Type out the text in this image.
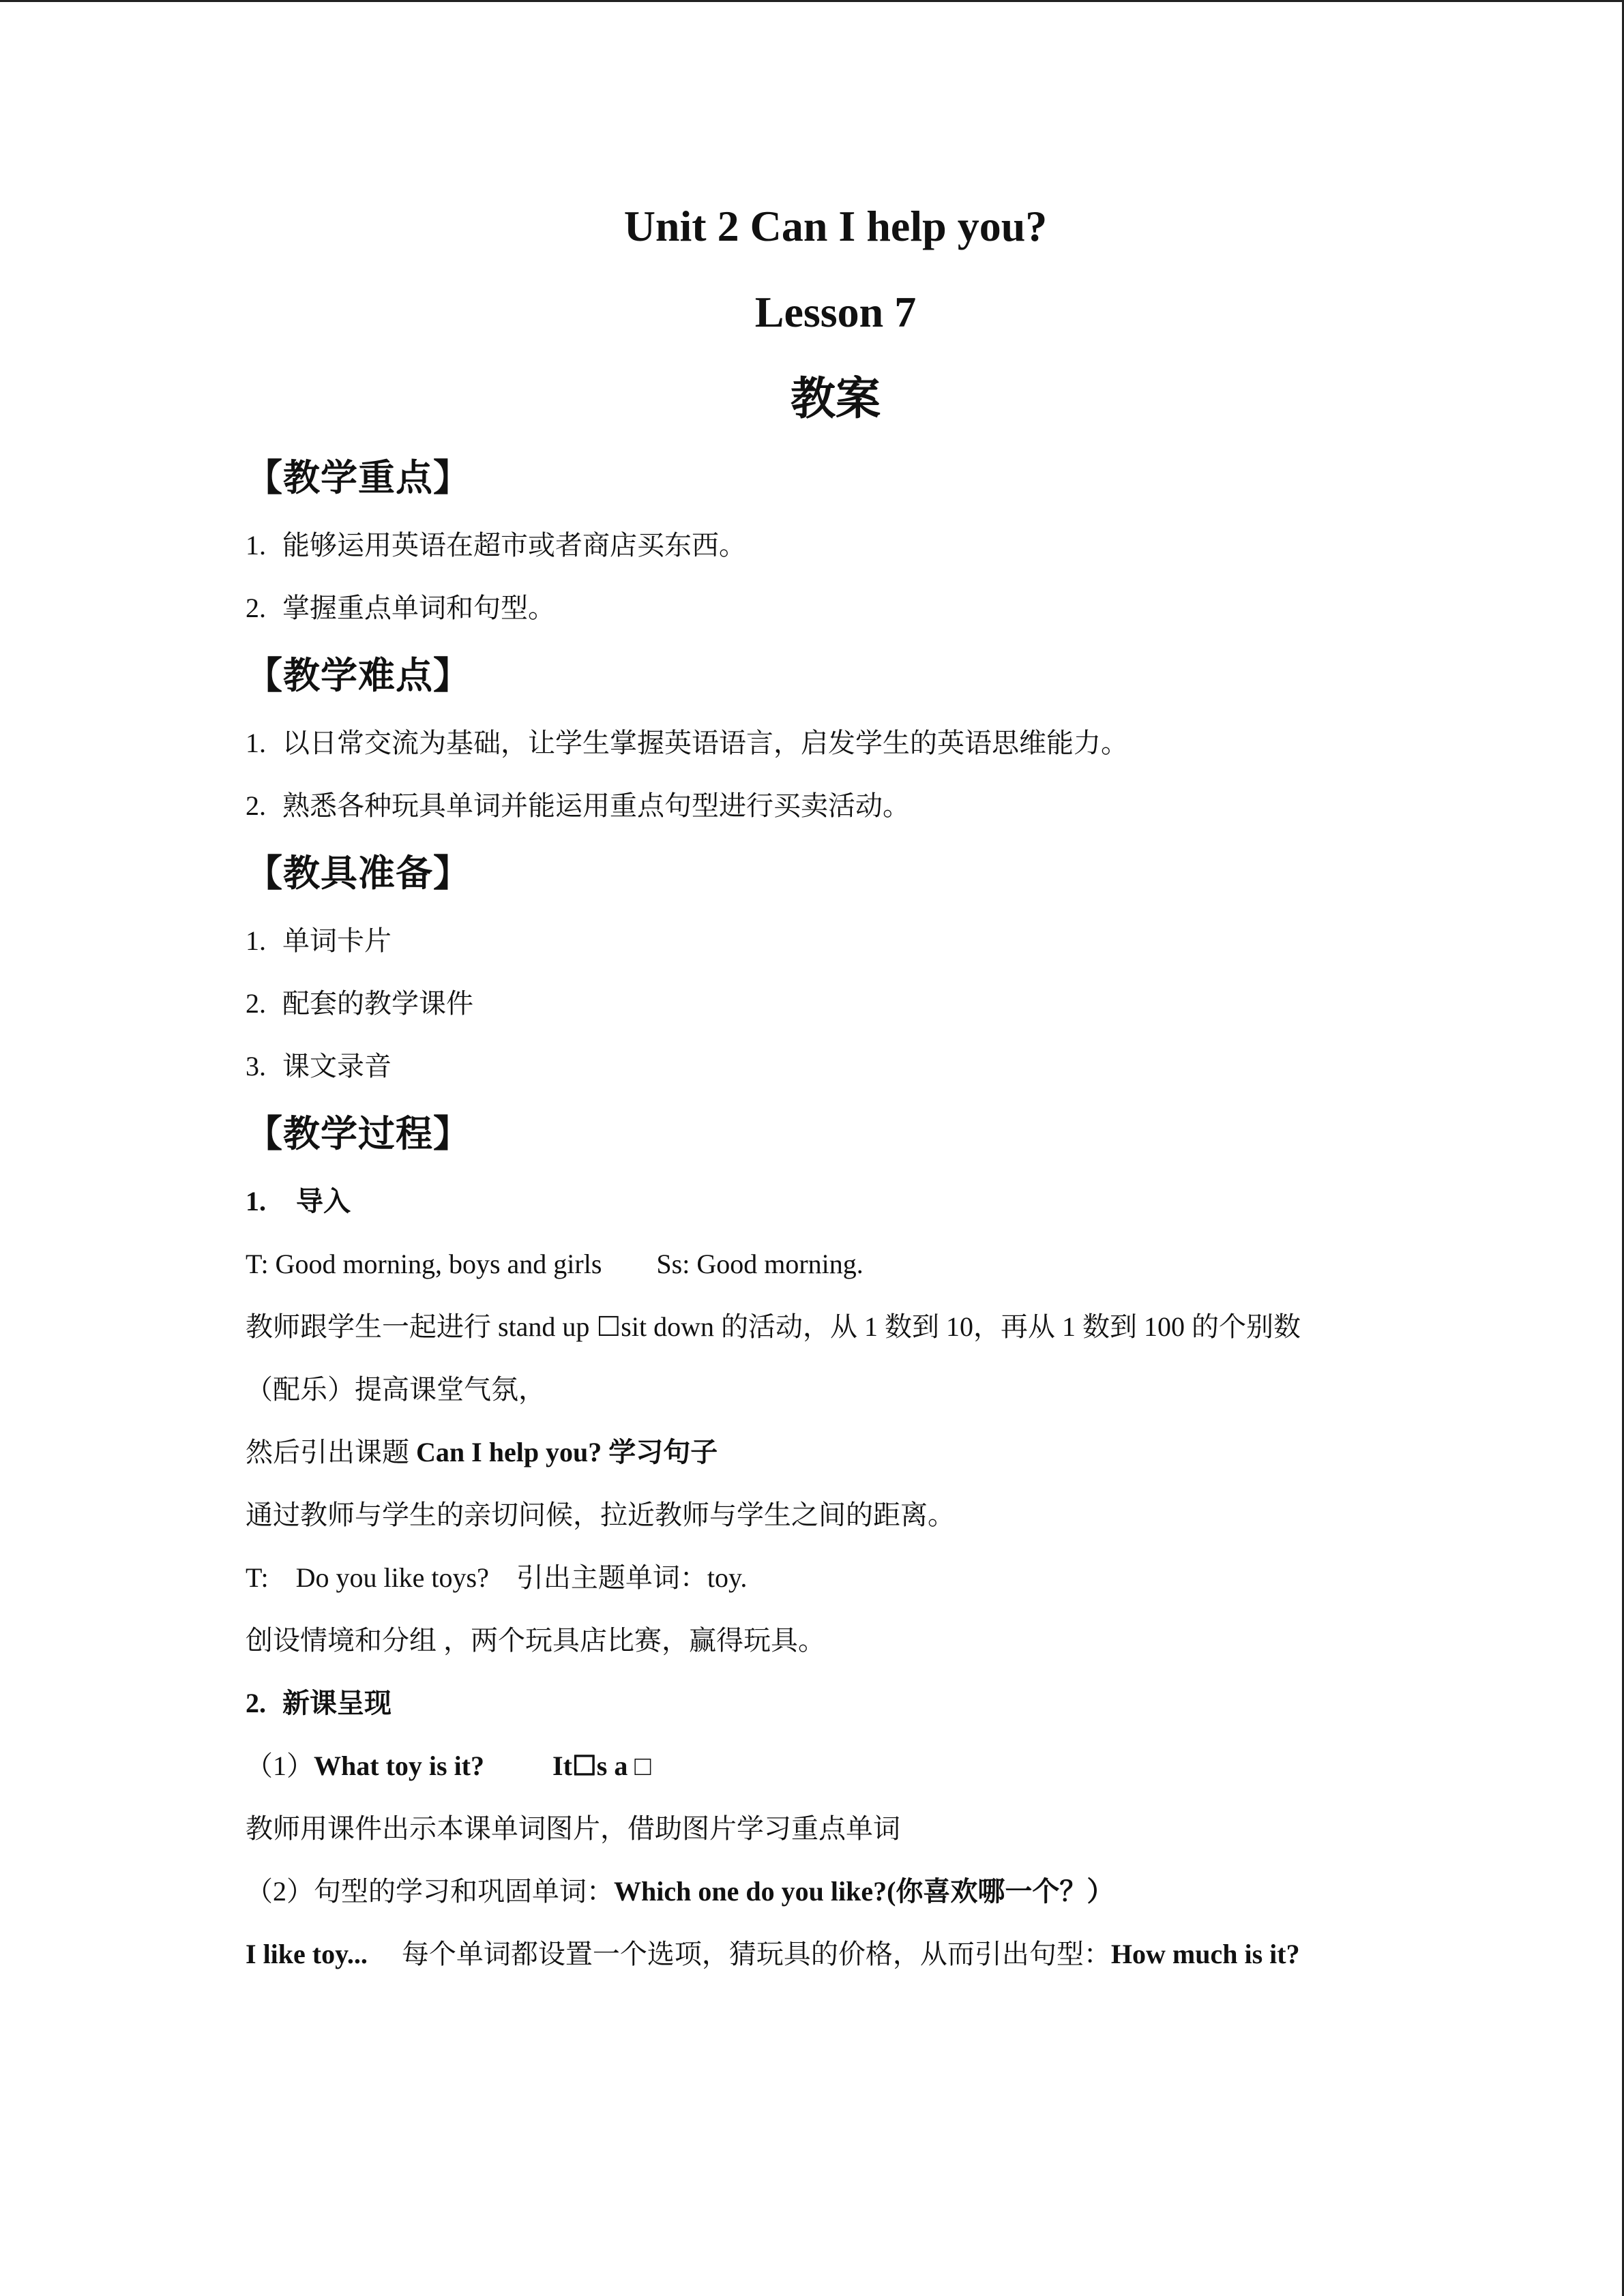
Unit 2 Can I help you?
Lesson 7
教案
【教学重点】
1. 能够运用英语在超市或者商店买东西。
2. 掌握重点单词和句型。
【教学难点】
1. 以日常交流为基础，让学生掌握英语语言，启发学生的英语思维能力。
2. 熟悉各种玩具单词并能运用重点句型进行买卖活动。
【教具准备】
1. 单词卡片
2. 配套的教学课件
3. 课文录音
【教学过程】
1. 导入
T: Good morning, boys and girls Ss: Good morning.
教师跟学生一起进行 stand up ☐sit down 的活动，从 1 数到 10，再从 1 数到 100 的个别数
（配乐）提高课堂气氛，
然后引出课题 Can I help you? 学习句子
通过教师与学生的亲切问候，拉近教师与学生之间的距离。
T: Do you like toys? 引出主题单词：toy.
创设情境和分组 ，两个玩具店比赛，赢得玩具。
2. 新课呈现
（1）What toy is it?	It☐s a □
教师用课件出示本课单词图片，借助图片学习重点单词
（2）句型的学习和巩固单词：Which one do you like?(你喜欢哪一个？）
I like toy... 每个单词都设置一个选项，猜玩具的价格，从而引出句型：How much is it?
